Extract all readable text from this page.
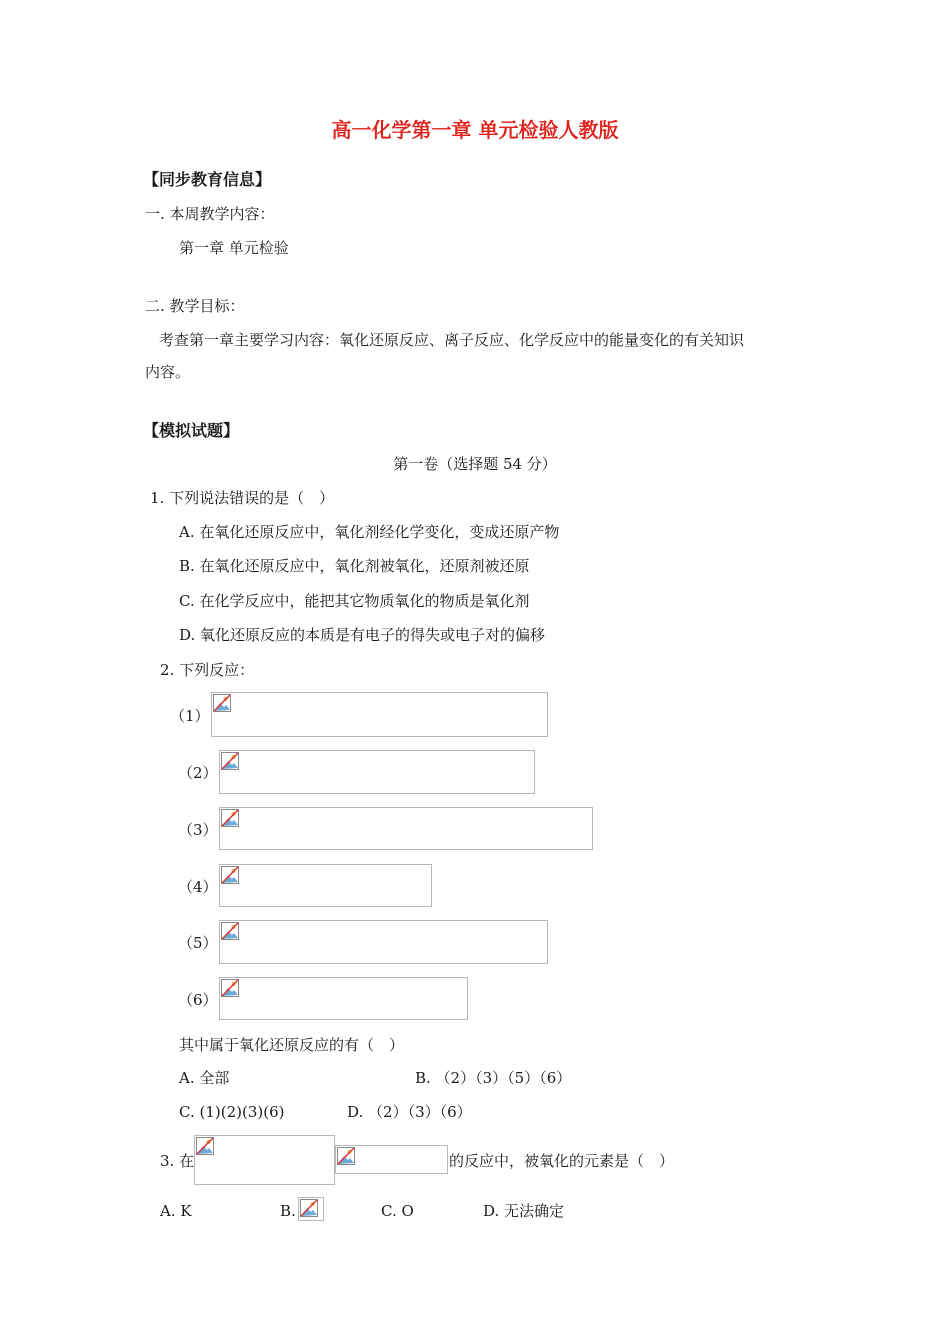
高一化学第一章 单元检验人教版
【同步教育信息】
一. 本周教学内容：
第一章 单元检验
二. 教学目标：
考查第一章主要学习内容：氧化还原反应、离子反应、化学反应中的能量变化的有关知识
内容。
【模拟试题】
第一卷（选择题 54 分）
1. 下列说法错误的是（　）
A. 在氧化还原反应中，氧化剂经化学变化，变成还原产物
B. 在氧化还原反应中，氧化剂被氧化，还原剂被还原
C. 在化学反应中，能把其它物质氧化的物质是氧化剂
D. 氧化还原反应的本质是有电子的得失或电子对的偏移
2. 下列反应：
（1）
（2）
（3）
（4）
（5）
（6）
其中属于氧化还原反应的有（　）
A. 全部	B. （2）（3）（5）（6）
C. (1)(2)(3)(6)	D. （2）（3）（6）
3. 在	的反应中，被氧化的元素是（　）
A. K	B.	C. O	D. 无法确定
